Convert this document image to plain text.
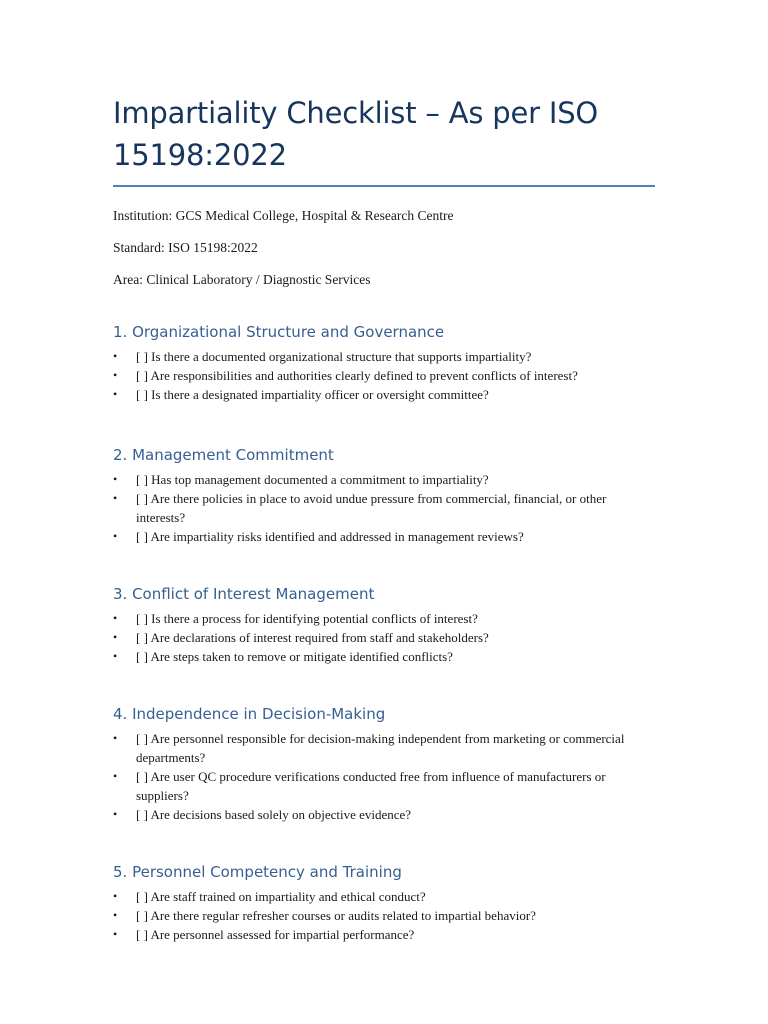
Impartiality Checklist – As per ISO 15198:2022

Institution: GCS Medical College, Hospital & Research Centre

Standard: ISO 15198:2022

Area: Clinical Laboratory / Diagnostic Services

1. Organizational Structure and Governance
• [ ] Is there a documented organizational structure that supports impartiality?
• [ ] Are responsibilities and authorities clearly defined to prevent conflicts of interest?
• [ ] Is there a designated impartiality officer or oversight committee?
2. Management Commitment
• [ ] Has top management documented a commitment to impartiality?
• [ ] Are there policies in place to avoid undue pressure from commercial, financial, or other interests?
• [ ] Are impartiality risks identified and addressed in management reviews?
3. Conflict of Interest Management
• [ ] Is there a process for identifying potential conflicts of interest?
• [ ] Are declarations of interest required from staff and stakeholders?
• [ ] Are steps taken to remove or mitigate identified conflicts?
4. Independence in Decision-Making
• [ ] Are personnel responsible for decision-making independent from marketing or commercial departments?
• [ ] Are user QC procedure verifications conducted free from influence of manufacturers or suppliers?
• [ ] Are decisions based solely on objective evidence?
5. Personnel Competency and Training
• [ ] Are staff trained on impartiality and ethical conduct?
• [ ] Are there regular refresher courses or audits related to impartial behavior?
• [ ] Are personnel assessed for impartial performance?
